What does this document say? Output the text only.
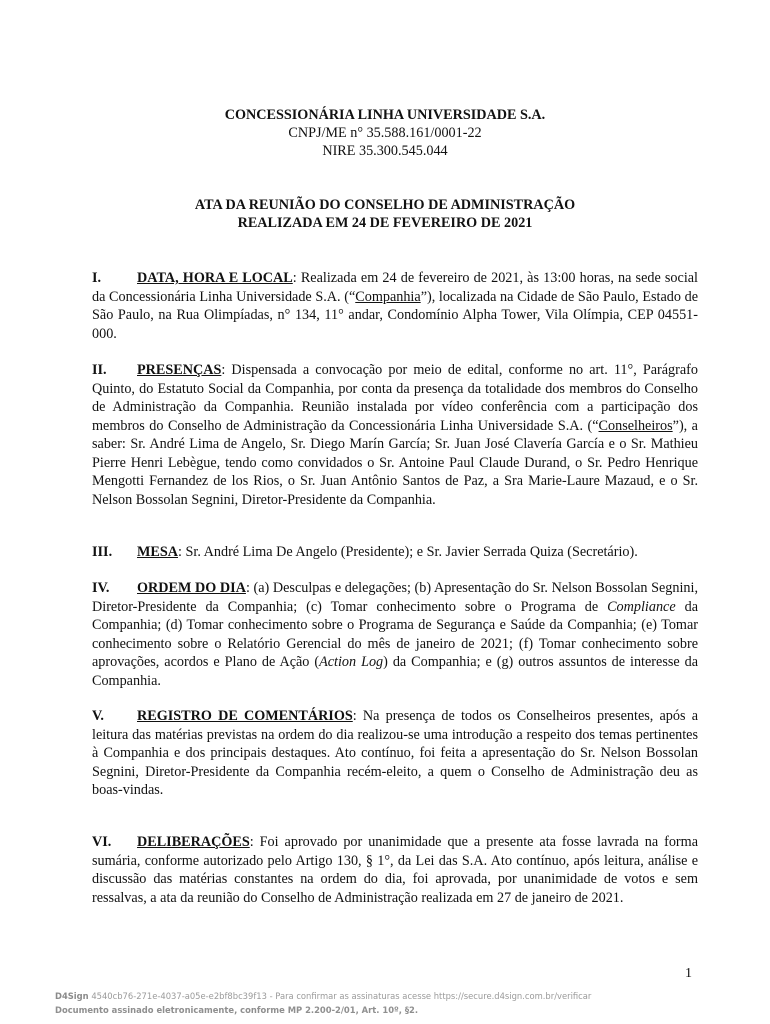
CONCESSIONÁRIA LINHA UNIVERSIDADE S.A.
CNPJ/ME n° 35.588.161/0001-22
NIRE 35.300.545.044
ATA DA REUNIÃO DO CONSELHO DE ADMINISTRAÇÃO
REALIZADA EM 24 DE FEVEREIRO DE 2021

I.	DATA, HORA E LOCAL: Realizada em 24 de fevereiro de 2021, às 13:00 horas, na sede social da Concessionária Linha Universidade S.A. (“Companhia”), localizada na Cidade de São Paulo, Estado de São Paulo, na Rua Olimpíadas, n° 134, 11° andar, Condomínio Alpha Tower, Vila Olímpia, CEP 04551-000.

II. PRESENÇAS: Dispensada a convocação por meio de edital, conforme no art. 11°, Parágrafo Quinto, do Estatuto Social da Companhia, por conta da presença da totalidade dos membros do Conselho de Administração da Companhia. Reunião instalada por vídeo conferência com a participação dos membros do Conselho de Administração da Concessionária Linha Universidade S.A. (“Conselheiros”), a saber: Sr. André Lima de Angelo, Sr. Diego Marín García; Sr. Juan José Clavería García e o Sr. Mathieu Pierre Henri Lebègue, tendo como convidados o Sr. Antoine Paul Claude Durand, o Sr. Pedro Henrique Mengotti Fernandez de los Rios, o Sr. Juan Antônio Santos de Paz, a Sra Marie-Laure Mazaud, e o Sr. Nelson Bossolan Segnini, Diretor-Presidente da Companhia.

III. MESA: Sr. André Lima De Angelo (Presidente); e Sr. Javier Serrada Quiza (Secretário).

IV. ORDEM DO DIA: (a) Desculpas e delegações; (b) Apresentação do Sr. Nelson Bossolan Segnini, Diretor-Presidente da Companhia; (c) Tomar conhecimento sobre o Programa de Compliance da Companhia; (d) Tomar conhecimento sobre o Programa de Segurança e Saúde da Companhia; (e) Tomar conhecimento sobre o Relatório Gerencial do mês de janeiro de 2021; (f) Tomar conhecimento sobre aprovações, acordos e Plano de Ação (Action Log) da Companhia; e (g) outros assuntos de interesse da Companhia.

V. REGISTRO DE COMENTÁRIOS: Na presença de todos os Conselheiros presentes, após a leitura das matérias previstas na ordem do dia realizou-se uma introdução a respeito dos temas pertinentes à Companhia e dos principais destaques. Ato contínuo, foi feita a apresentação do Sr. Nelson Bossolan Segnini, Diretor-Presidente da Companhia recém-eleito, a quem o Conselho de Administração deu as boas-vindas.

VI. DELIBERAÇÕES: Foi aprovado por unanimidade que a presente ata fosse lavrada na forma sumária, conforme autorizado pelo Artigo 130, § 1°, da Lei das S.A. Ato contínuo, após leitura, análise e discussão das matérias constantes na ordem do dia, foi aprovada, por unanimidade de votos e sem ressalvas, a ata da reunião do Conselho de Administração realizada em 27 de janeiro de 2021.

1
D4Sign 4540cb76-271e-4037-a05e-e2bf8bc39f13 - Para confirmar as assinaturas acesse https://secure.d4sign.com.br/verificar
Documento assinado eletronicamente, conforme MP 2.200-2/01, Art. 10º, §2.
